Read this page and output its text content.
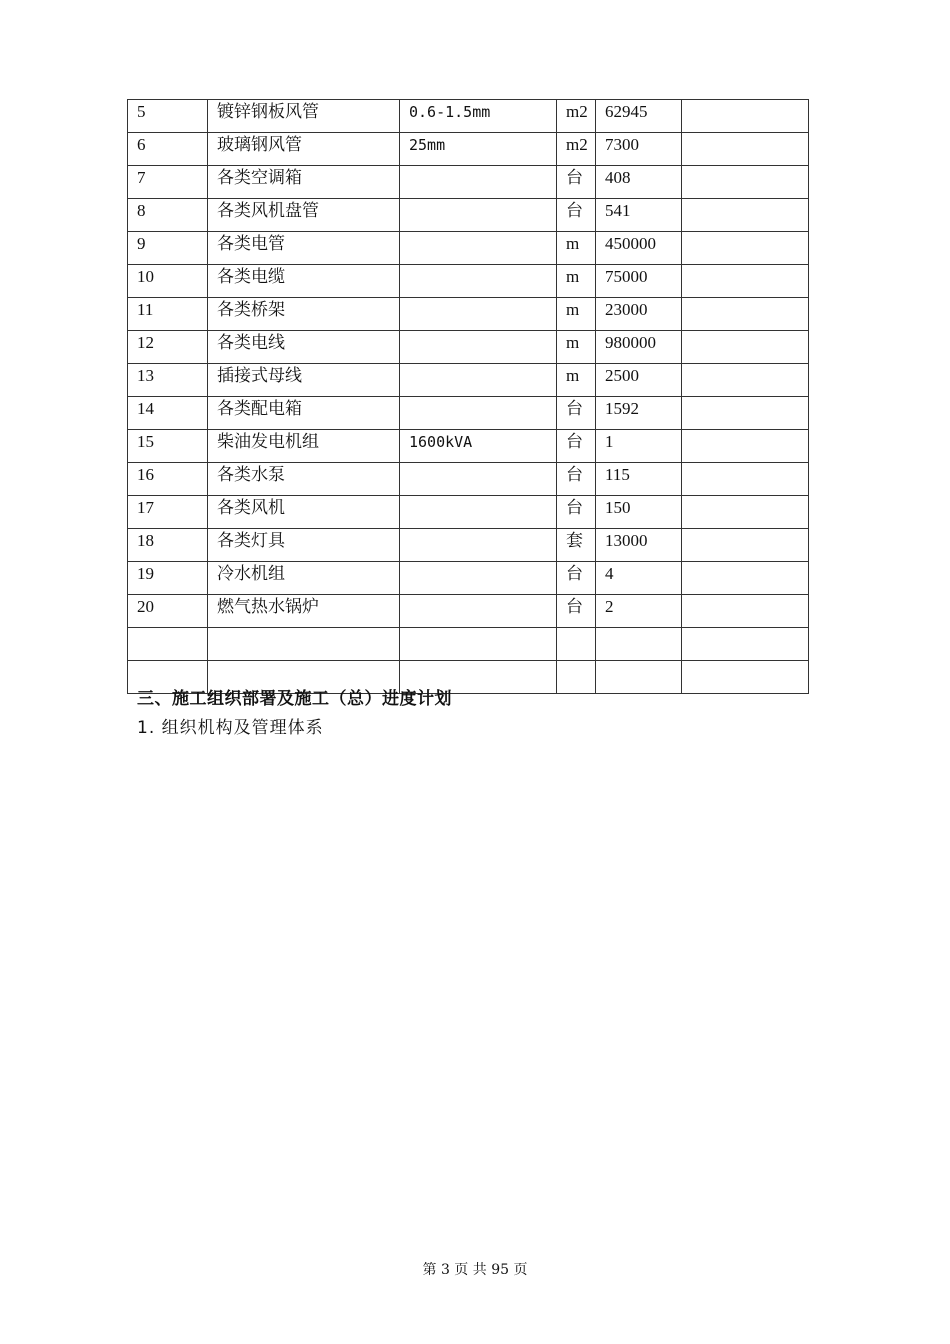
5	镀锌钢板风管	0.6-1.5mm	m2	62945	
6	玻璃钢风管	25mm	m2	7300	
7	各类空调箱		台	408	
8	各类风机盘管		台	541	
9	各类电管		m	450000	
10	各类电缆		m	75000	
11	各类桥架		m	23000	
12	各类电线		m	980000	
13	插接式母线		m	2500	
14	各类配电箱		台	1592	
15	柴油发电机组	1600kVA	台	1	
16	各类水泵		台	115	
17	各类风机		台	150	
18	各类灯具		套	13000	
19	冷水机组		台	4	
20	燃气热水锅炉		台	2	

三、施工组织部署及施工（总）进度计划
1. 组织机构及管理体系
第 3 页 共 95 页
